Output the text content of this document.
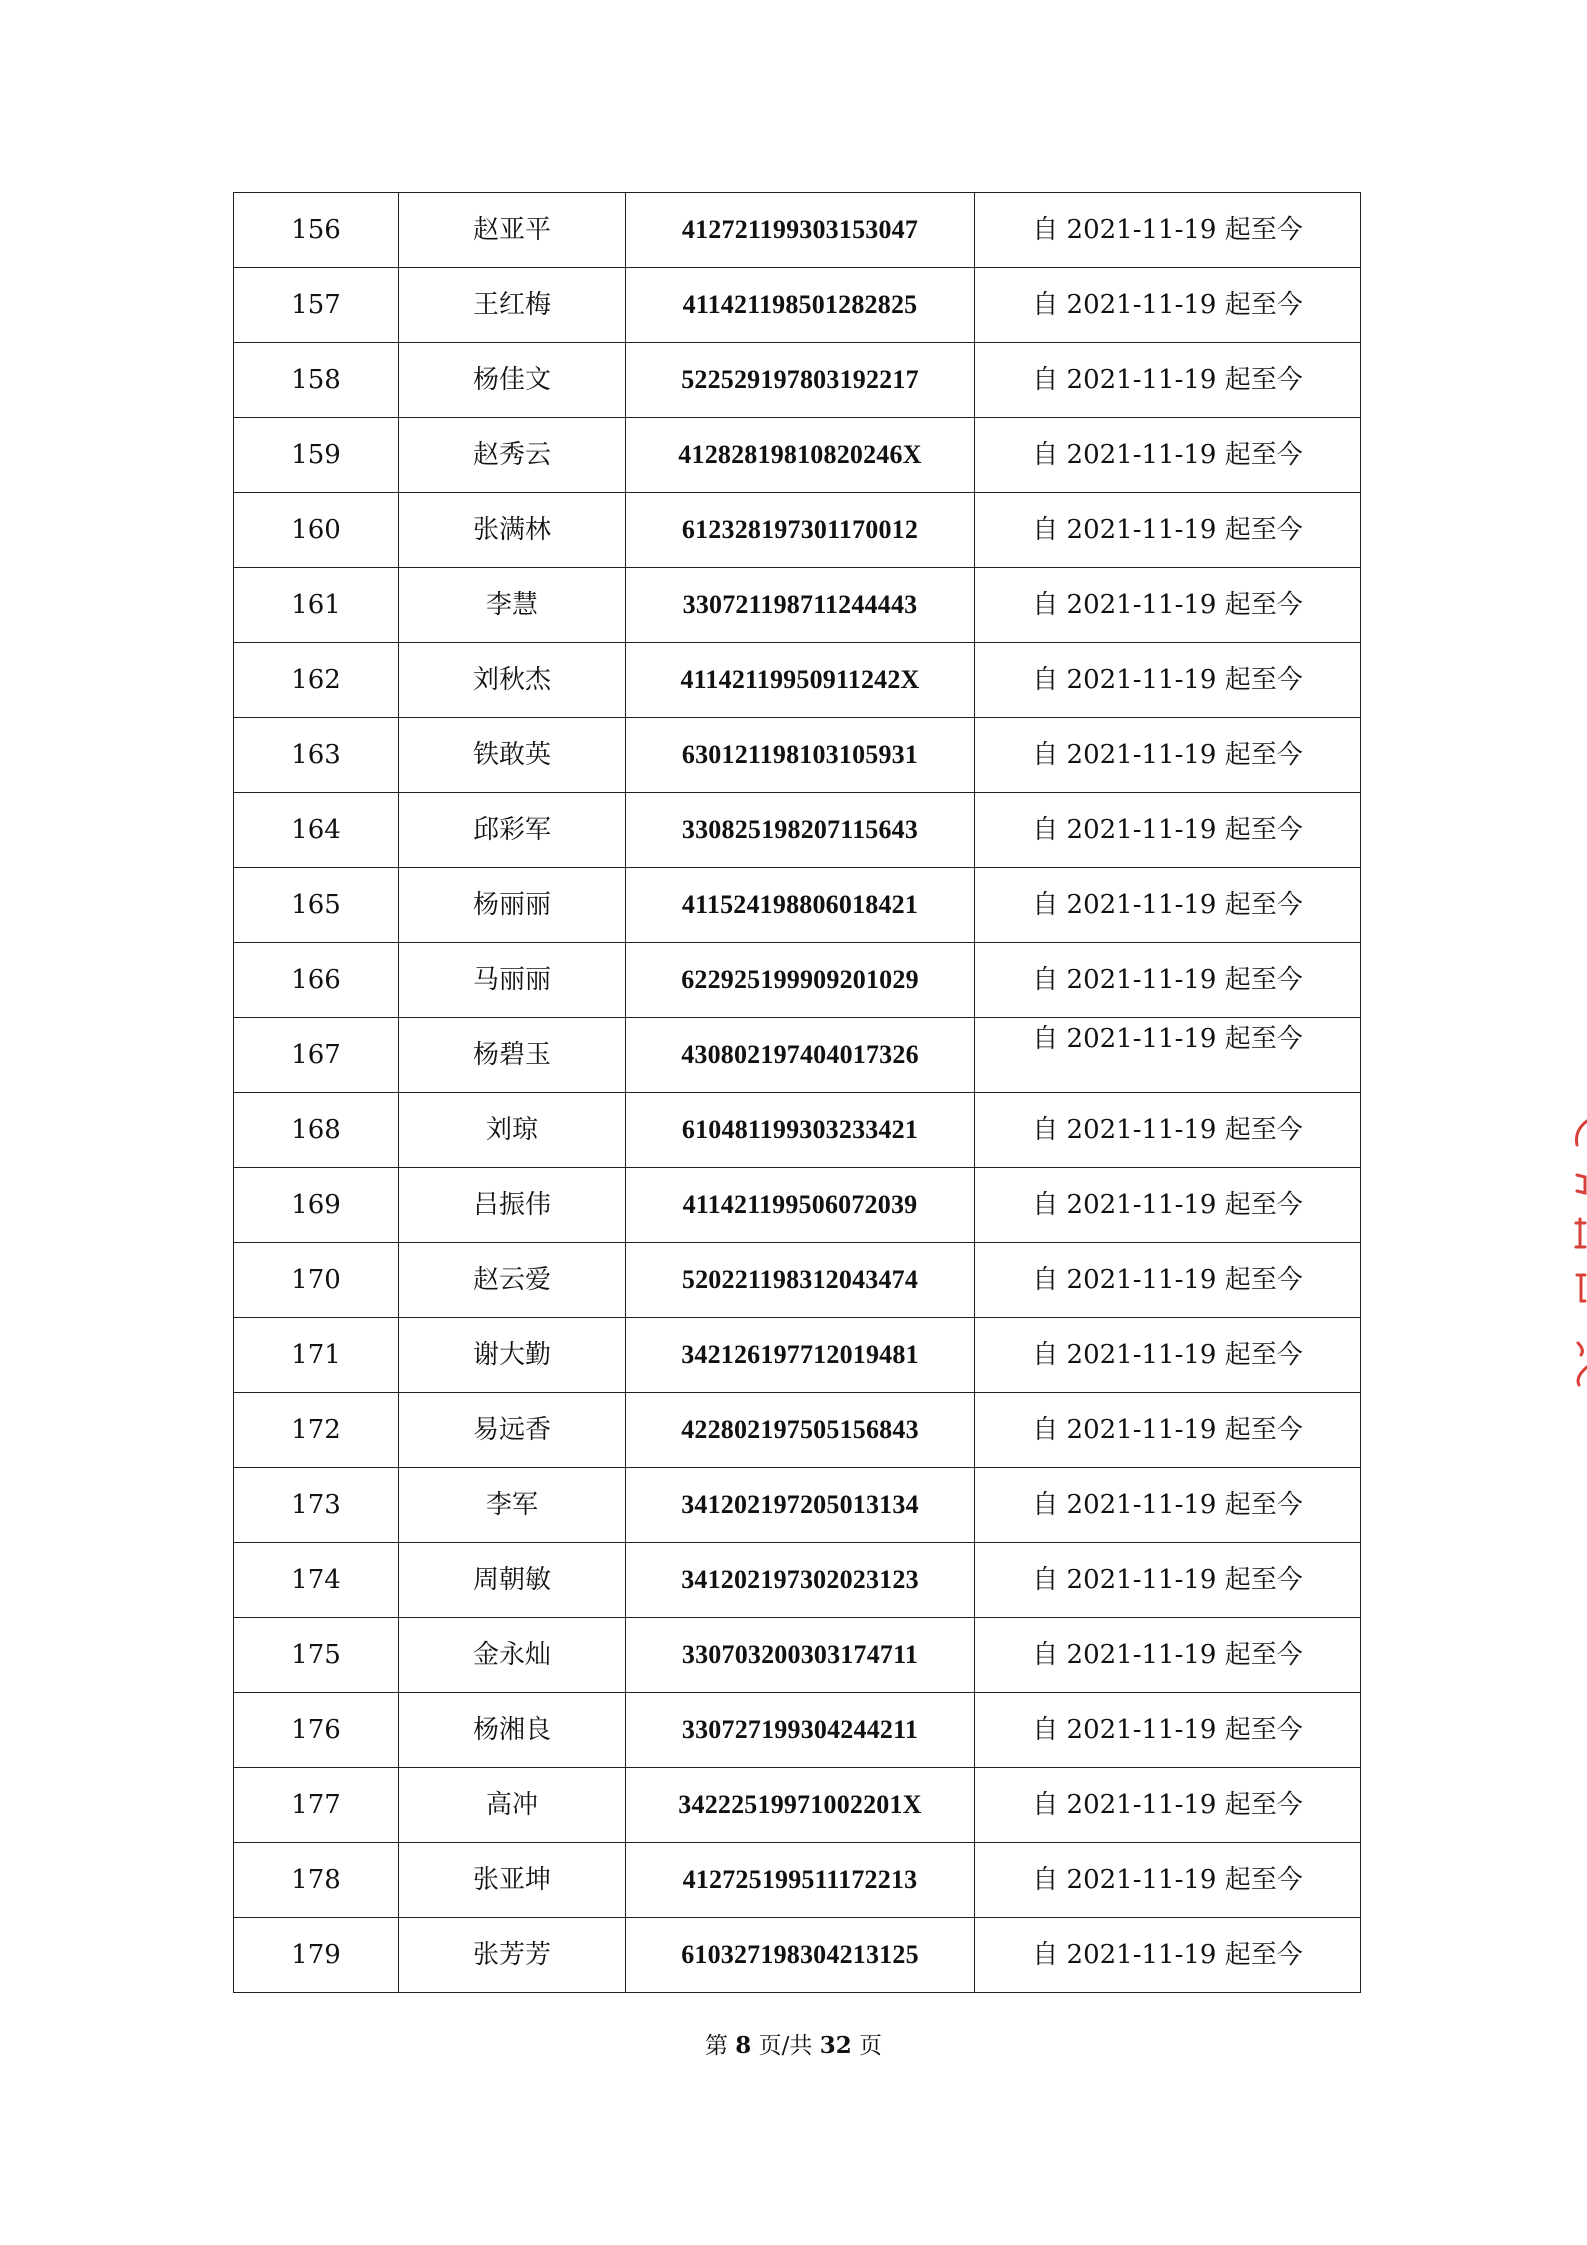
156	赵亚平	412721199303153047	自 2021-11-19 起至今
157	王红梅	411421198501282825	自 2021-11-19 起至今
158	杨佳文	522529197803192217	自 2021-11-19 起至今
159	赵秀云	41282819810820246X	自 2021-11-19 起至今
160	张满林	612328197301170012	自 2021-11-19 起至今
161	李慧	330721198711244443	自 2021-11-19 起至今
162	刘秋杰	41142119950911242X	自 2021-11-19 起至今
163	铁敢英	630121198103105931	自 2021-11-19 起至今
164	邱彩军	330825198207115643	自 2021-11-19 起至今
165	杨丽丽	411524198806018421	自 2021-11-19 起至今
166	马丽丽	622925199909201029	自 2021-11-19 起至今
167	杨碧玉	430802197404017326	自 2021-11-19 起至今
168	刘琼	610481199303233421	自 2021-11-19 起至今
169	吕振伟	411421199506072039	自 2021-11-19 起至今
170	赵云爱	520221198312043474	自 2021-11-19 起至今
171	谢大勤	342126197712019481	自 2021-11-19 起至今
172	易远香	422802197505156843	自 2021-11-19 起至今
173	李军	341202197205013134	自 2021-11-19 起至今
174	周朝敏	341202197302023123	自 2021-11-19 起至今
175	金永灿	330703200303174711	自 2021-11-19 起至今
176	杨湘良	330727199304244211	自 2021-11-19 起至今
177	高冲	34222519971002201X	自 2021-11-19 起至今
178	张亚坤	412725199511172213	自 2021-11-19 起至今
179	张芳芳	610327198304213125	自 2021-11-19 起至今
第 8 页/共 32 页
